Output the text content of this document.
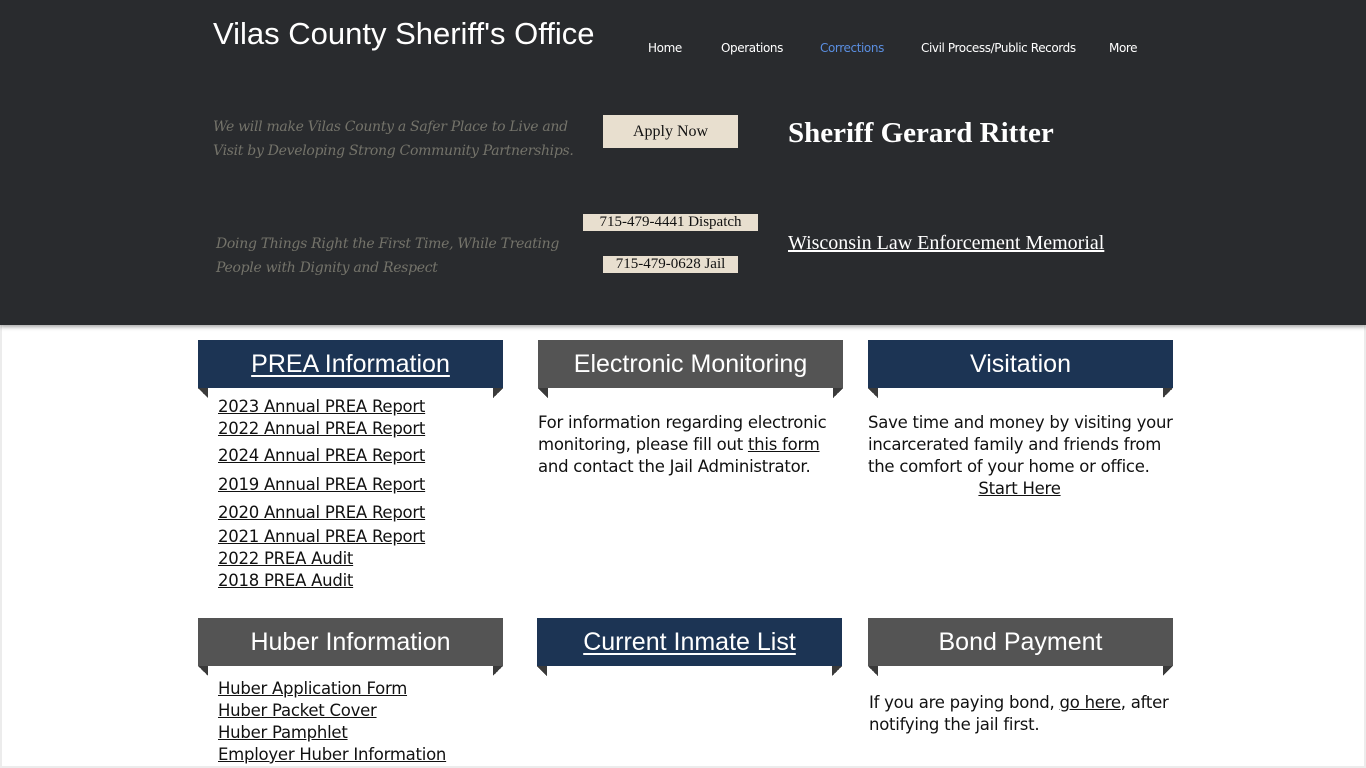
Vilas County Sheriff's Office	Home	Operations	Corrections	Civil Process/Public Records	More
We will make Vilas County a Safer Place to Live and
Visit by Developing Strong Community Partnerships.
Apply Now	Sheriff Gerard Ritter
Doing Things Right the First Time, While Treating
People with Dignity and Respect
715-479-4441 Dispatch
715-479-0628 Jail
Wisconsin Law Enforcement Memorial
PREA Information
2023 Annual PREA Report
2022 Annual PREA Report
2024 Annual PREA Report
2019 Annual PREA Report
2020 Annual PREA Report
2021 Annual PREA Report
2022 PREA Audit
2018 PREA Audit
Electronic Monitoring
For information regarding electronic monitoring, please fill out this form and contact the Jail Administrator.
Visitation
Save time and money by visiting your incarcerated family and friends from the comfort of your home or office.
Start Here
Huber Information
Huber Application Form
Huber Packet Cover
Huber Pamphlet
Employer Huber Information
Current Inmate List	Bond Payment
If you are paying bond, go here, after notifying the jail first.
